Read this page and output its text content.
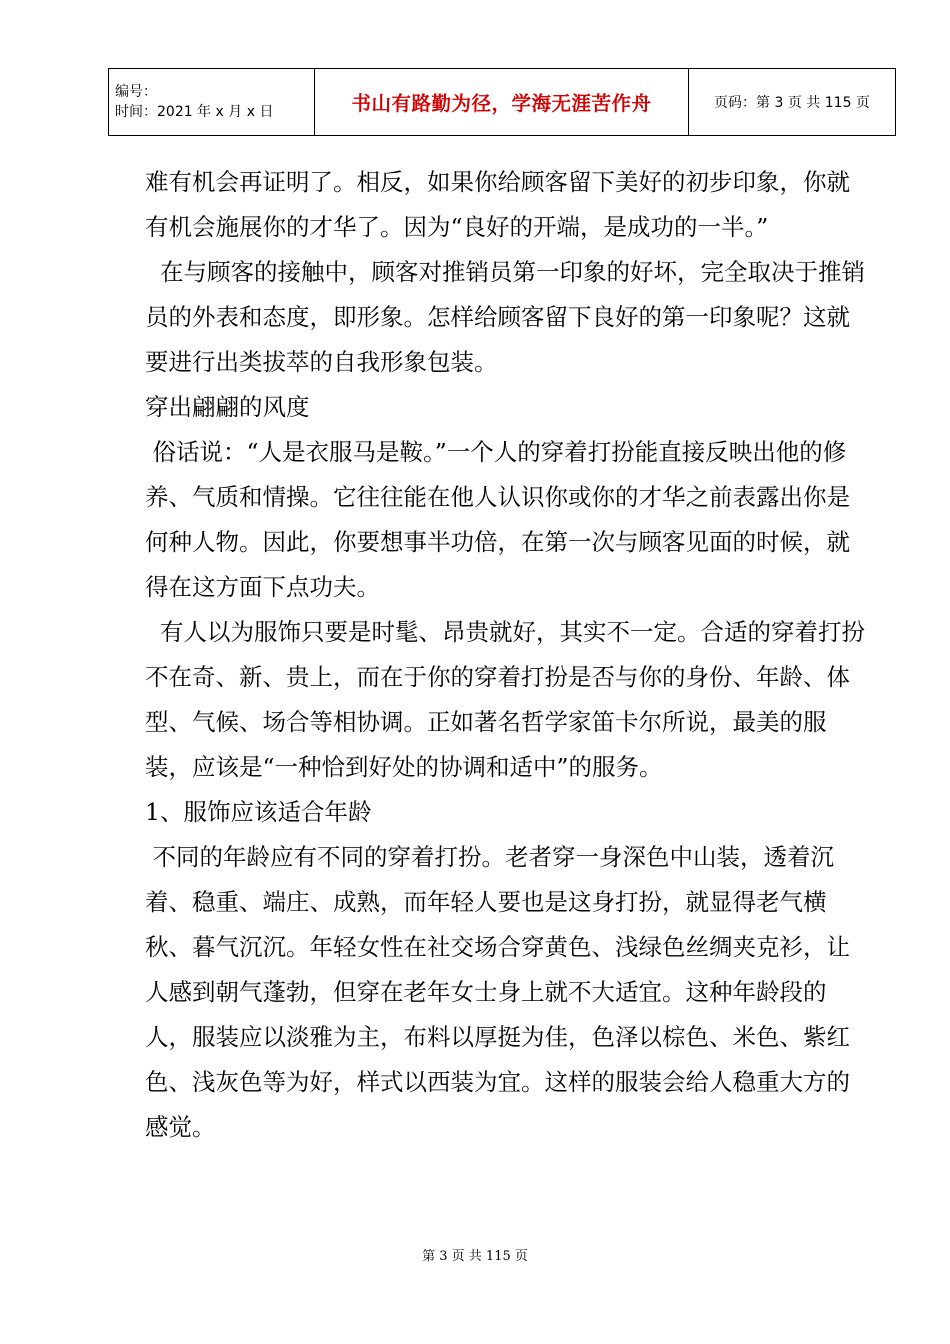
编号：
时间：2021 年 x 月 x 日	书山有路勤为径，学海无涯苦作舟	页码：第 3 页 共 115 页

难有机会再证明了。相反，如果你给顾客留下美好的初步印象，你就有机会施展你的才华了。因为“良好的开端，是成功的一半。”

在与顾客的接触中，顾客对推销员第一印象的好坏，完全取决于推销员的外表和态度，即形象。怎样给顾客留下良好的第一印象呢？这就要进行出类拔萃的自我形象包装。

穿出翩翩的风度

俗话说：“人是衣服马是鞍。”一个人的穿着打扮能直接反映出他的修养、气质和情操。它往往能在他人认识你或你的才华之前表露出你是何种人物。因此，你要想事半功倍，在第一次与顾客见面的时候，就得在这方面下点功夫。

有人以为服饰只要是时髦、昂贵就好，其实不一定。合适的穿着打扮不在奇、新、贵上，而在于你的穿着打扮是否与你的身份、年龄、体型、气候、场合等相协调。正如著名哲学家笛卡尔所说，最美的服装，应该是“一种恰到好处的协调和适中”的服务。

1、服饰应该适合年龄

不同的年龄应有不同的穿着打扮。老者穿一身深色中山装，透着沉着、稳重、端庄、成熟，而年轻人要也是这身打扮，就显得老气横秋、暮气沉沉。年轻女性在社交场合穿黄色、浅绿色丝绸夹克衫，让人感到朝气蓬勃，但穿在老年女士身上就不大适宜。这种年龄段的人，服装应以淡雅为主，布料以厚挺为佳，色泽以棕色、米色、紫红色、浅灰色等为好，样式以西装为宜。这样的服装会给人稳重大方的感觉。

第 3 页 共 115 页
